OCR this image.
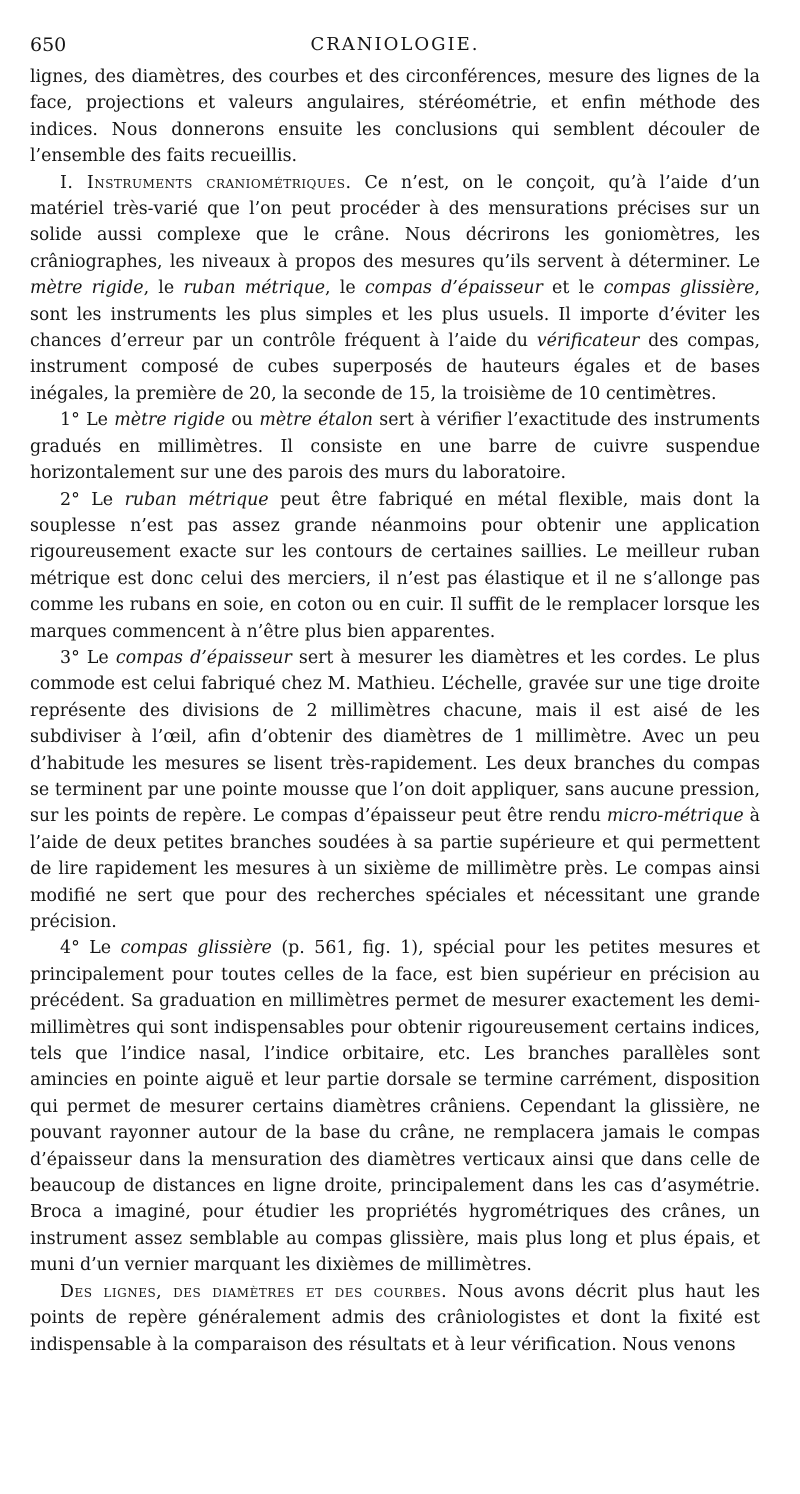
650	CRANIOLOGIE.

lignes, des diamètres, des courbes et des circonférences, mesure des lignes de la face, projections et valeurs angulaires, stéréométrie, et enfin méthode des indices. Nous donnerons ensuite les conclusions qui semblent découler de l’ensemble des faits recueillis.

I. Instruments craniométriques. Ce n’est, on le conçoit, qu’à l’aide d’un matériel très-varié que l’on peut procéder à des mensurations précises sur un solide aussi complexe que le crâne. Nous décrirons les goniomètres, les crâniographes, les niveaux à propos des mesures qu’ils servent à déterminer. Le mètre rigide, le ruban métrique, le compas d’épaisseur et le compas glissière, sont les instruments les plus simples et les plus usuels. Il importe d’éviter les chances d’erreur par un contrôle fréquent à l’aide du vérificateur des compas, instrument composé de cubes superposés de hauteurs égales et de bases inégales, la première de 20, la seconde de 15, la troisième de 10 centimètres.

1° Le mètre rigide ou mètre étalon sert à vérifier l’exactitude des instruments gradués en millimètres. Il consiste en une barre de cuivre suspendue horizontalement sur une des parois des murs du laboratoire.

2° Le ruban métrique peut être fabriqué en métal flexible, mais dont la souplesse n’est pas assez grande néanmoins pour obtenir une application rigoureusement exacte sur les contours de certaines saillies. Le meilleur ruban métrique est donc celui des merciers, il n’est pas élastique et il ne s’allonge pas comme les rubans en soie, en coton ou en cuir. Il suffit de le remplacer lorsque les marques commencent à n’être plus bien apparentes.

3° Le compas d’épaisseur sert à mesurer les diamètres et les cordes. Le plus commode est celui fabriqué chez M. Mathieu. L’échelle, gravée sur une tige droite représente des divisions de 2 millimètres chacune, mais il est aisé de les subdiviser à l’œil, afin d’obtenir des diamètres de 1 millimètre. Avec un peu d’habitude les mesures se lisent très-rapidement. Les deux branches du compas se terminent par une pointe mousse que l’on doit appliquer, sans aucune pression, sur les points de repère. Le compas d’épaisseur peut être rendu micro-métrique à l’aide de deux petites branches soudées à sa partie supérieure et qui permettent de lire rapidement les mesures à un sixième de millimètre près. Le compas ainsi modifié ne sert que pour des recherches spéciales et nécessitant une grande précision.

4° Le compas glissière (p. 561, fig. 1), spécial pour les petites mesures et principalement pour toutes celles de la face, est bien supérieur en précision au précédent. Sa graduation en millimètres permet de mesurer exactement les demi-millimètres qui sont indispensables pour obtenir rigoureusement certains indices, tels que l’indice nasal, l’indice orbitaire, etc. Les branches parallèles sont amincies en pointe aiguë et leur partie dorsale se termine carrément, disposition qui permet de mesurer certains diamètres crâniens. Cependant la glissière, ne pouvant rayonner autour de la base du crâne, ne remplacera jamais le compas d’épaisseur dans la mensuration des diamètres verticaux ainsi que dans celle de beaucoup de distances en ligne droite, principalement dans les cas d’asymétrie. Broca a imaginé, pour étudier les propriétés hygrométriques des crânes, un instrument assez semblable au compas glissière, mais plus long et plus épais, et muni d’un vernier marquant les dixièmes de millimètres.

Des lignes, des diamètres et des courbes. Nous avons décrit plus haut les points de repère généralement admis des crâniologistes et dont la fixité est indispensable à la comparaison des résultats et à leur vérification. Nous venons
